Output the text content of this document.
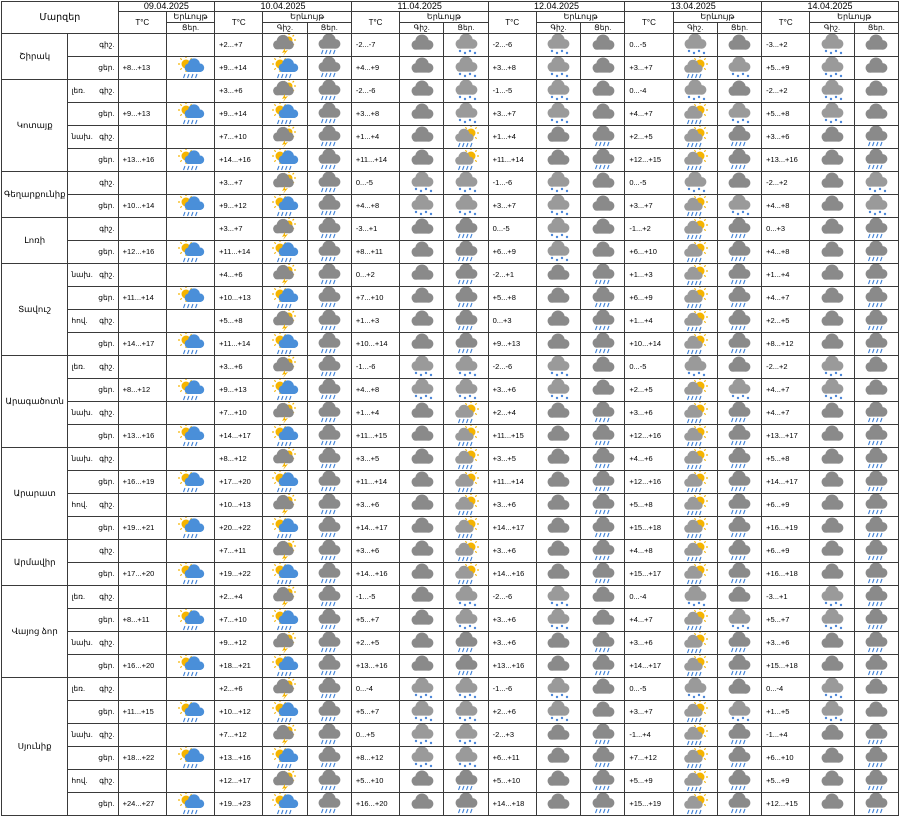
Մարզեր		09.04.2025		10.04.2025			11.04.2025			12.04.2025			13.04.2025			14.04.2025		
		T°C	Երևույթ	T°C	Երևույթ		T°C	Երևույթ		T°C	Երևույթ		T°C	Երևույթ		T°C	Երևույթ	
			Ցեր.		Գիշ.	Ցեր.		Գիշ.	Ցեր.		Գիշ.	Ցեր.		Գիշ.	Ցեր.		Գիշ.	Ցեր.
Շիրակ	գիշ.			+2...+7			-2...-7			-2...-6			0...-5			-3...+2	

	ցեր.	+8...+13		+9...+14			+4...+9			+3...+8			+3...+7			+5...+9	

Կոտայք	լեռ. գիշ.			+3...+6			-2...-6			-1...-5			0...-4			-2...+2	

	ցեր.	+9...+13		+9...+14			+3...+8			+3...+7			+4...+7			+5...+8	

	նախ. գիշ.			+7...+10			+1...+4			+1...+4			+2...+5			+3...+6	

	ցեր.	+13...+16		+14...+16			+11...+14			+11...+14			+12...+15			+13...+16	

Գեղարքունիք	գիշ.			+3...+7			0...-5			-1...-6			0...-5			-2...+2	

	ցեր.	+10...+14		+9...+12			+4...+8			+3...+7			+3...+7			+4...+8	

Լոռի	գիշ.			+3...+7			-3...+1			0...-5			-1...+2			0...+3	

	ցեր.	+12...+16		+11...+14			+8...+11			+6...+9			+6...+10			+4...+8	

Տավուշ	նախ. գիշ.			+4...+6			0...+2			-2...+1			+1...+3			+1...+4	

	ցեր.	+11...+14		+10...+13			+7...+10			+5...+8			+6...+9			+4...+7	

	հով. գիշ.			+5...+8			+1...+3			0...+3			+1...+4			+2...+5	

	ցեր.	+14...+17		+11...+14			+10...+14			+9...+13			+10...+14			+8...+12	

Արագածոտն	լեռ. գիշ.			+3...+6			-1...-6			-2...-6			0...-5			-2...+2	

	ցեր.	+8...+12		+9...+13			+4...+8			+3...+6			+2...+5			+4...+7	

	նախ. գիշ.			+7...+10			+1...+4			+2...+4			+3...+6			+4...+7	

	ցեր.	+13...+16		+14...+17			+11...+15			+11...+15			+12...+16			+13...+17	

Արարատ	նախ. գիշ.			+8...+12			+3...+5			+3...+5			+4...+6			+5...+8	

	ցեր.	+16...+19		+17...+20			+11...+14			+11...+14			+12...+16			+14...+17	

	հով. գիշ.			+10...+13			+3...+6			+3...+6			+5...+8			+6...+9	

	ցեր.	+19...+21		+20...+22			+14...+17			+14...+17			+15...+18			+16...+19	

Արմավիր	գիշ.			+7...+11			+3...+6			+3...+6			+4...+8			+6...+9	

	ցեր.	+17...+20		+19...+22			+14...+16			+14...+16			+15...+17			+16...+18	

Վայոց ձոր	լեռ. գիշ.			+2...+4			-1...-5			-2...-6			0...-4			-3...+1	

	ցեր.	+8...+11		+7...+10			+5...+7			+3...+6			+4...+7			+5...+7	

	նախ. գիշ.			+9...+12			+2...+5			+3...+6			+3...+6			+3...+6	

	ցեր.	+16...+20		+18...+21			+13...+16			+13...+16			+14...+17			+15...+18	

Սյունիք	լեռ. գիշ.			+2...+6			0...-4			-1...-6			0...-5			0...-4	

	ցեր.	+11...+15		+10...+12			+5...+7			+2...+6			+3...+7			+1...+5	

	նախ. գիշ.			+7...+12			0...+5			-2...+3			-1...+4			-1...+4	

	ցեր.	+18...+22		+13...+16			+8...+12			+6...+11			+7...+12			+6...+10	

	հով. գիշ.			+12...+17			+5...+10			+5...+10			+5...+9			+5...+9	

	ցեր.	+24...+27		+19...+23			+16...+20			+14...+18			+15...+19			+12...+15	
